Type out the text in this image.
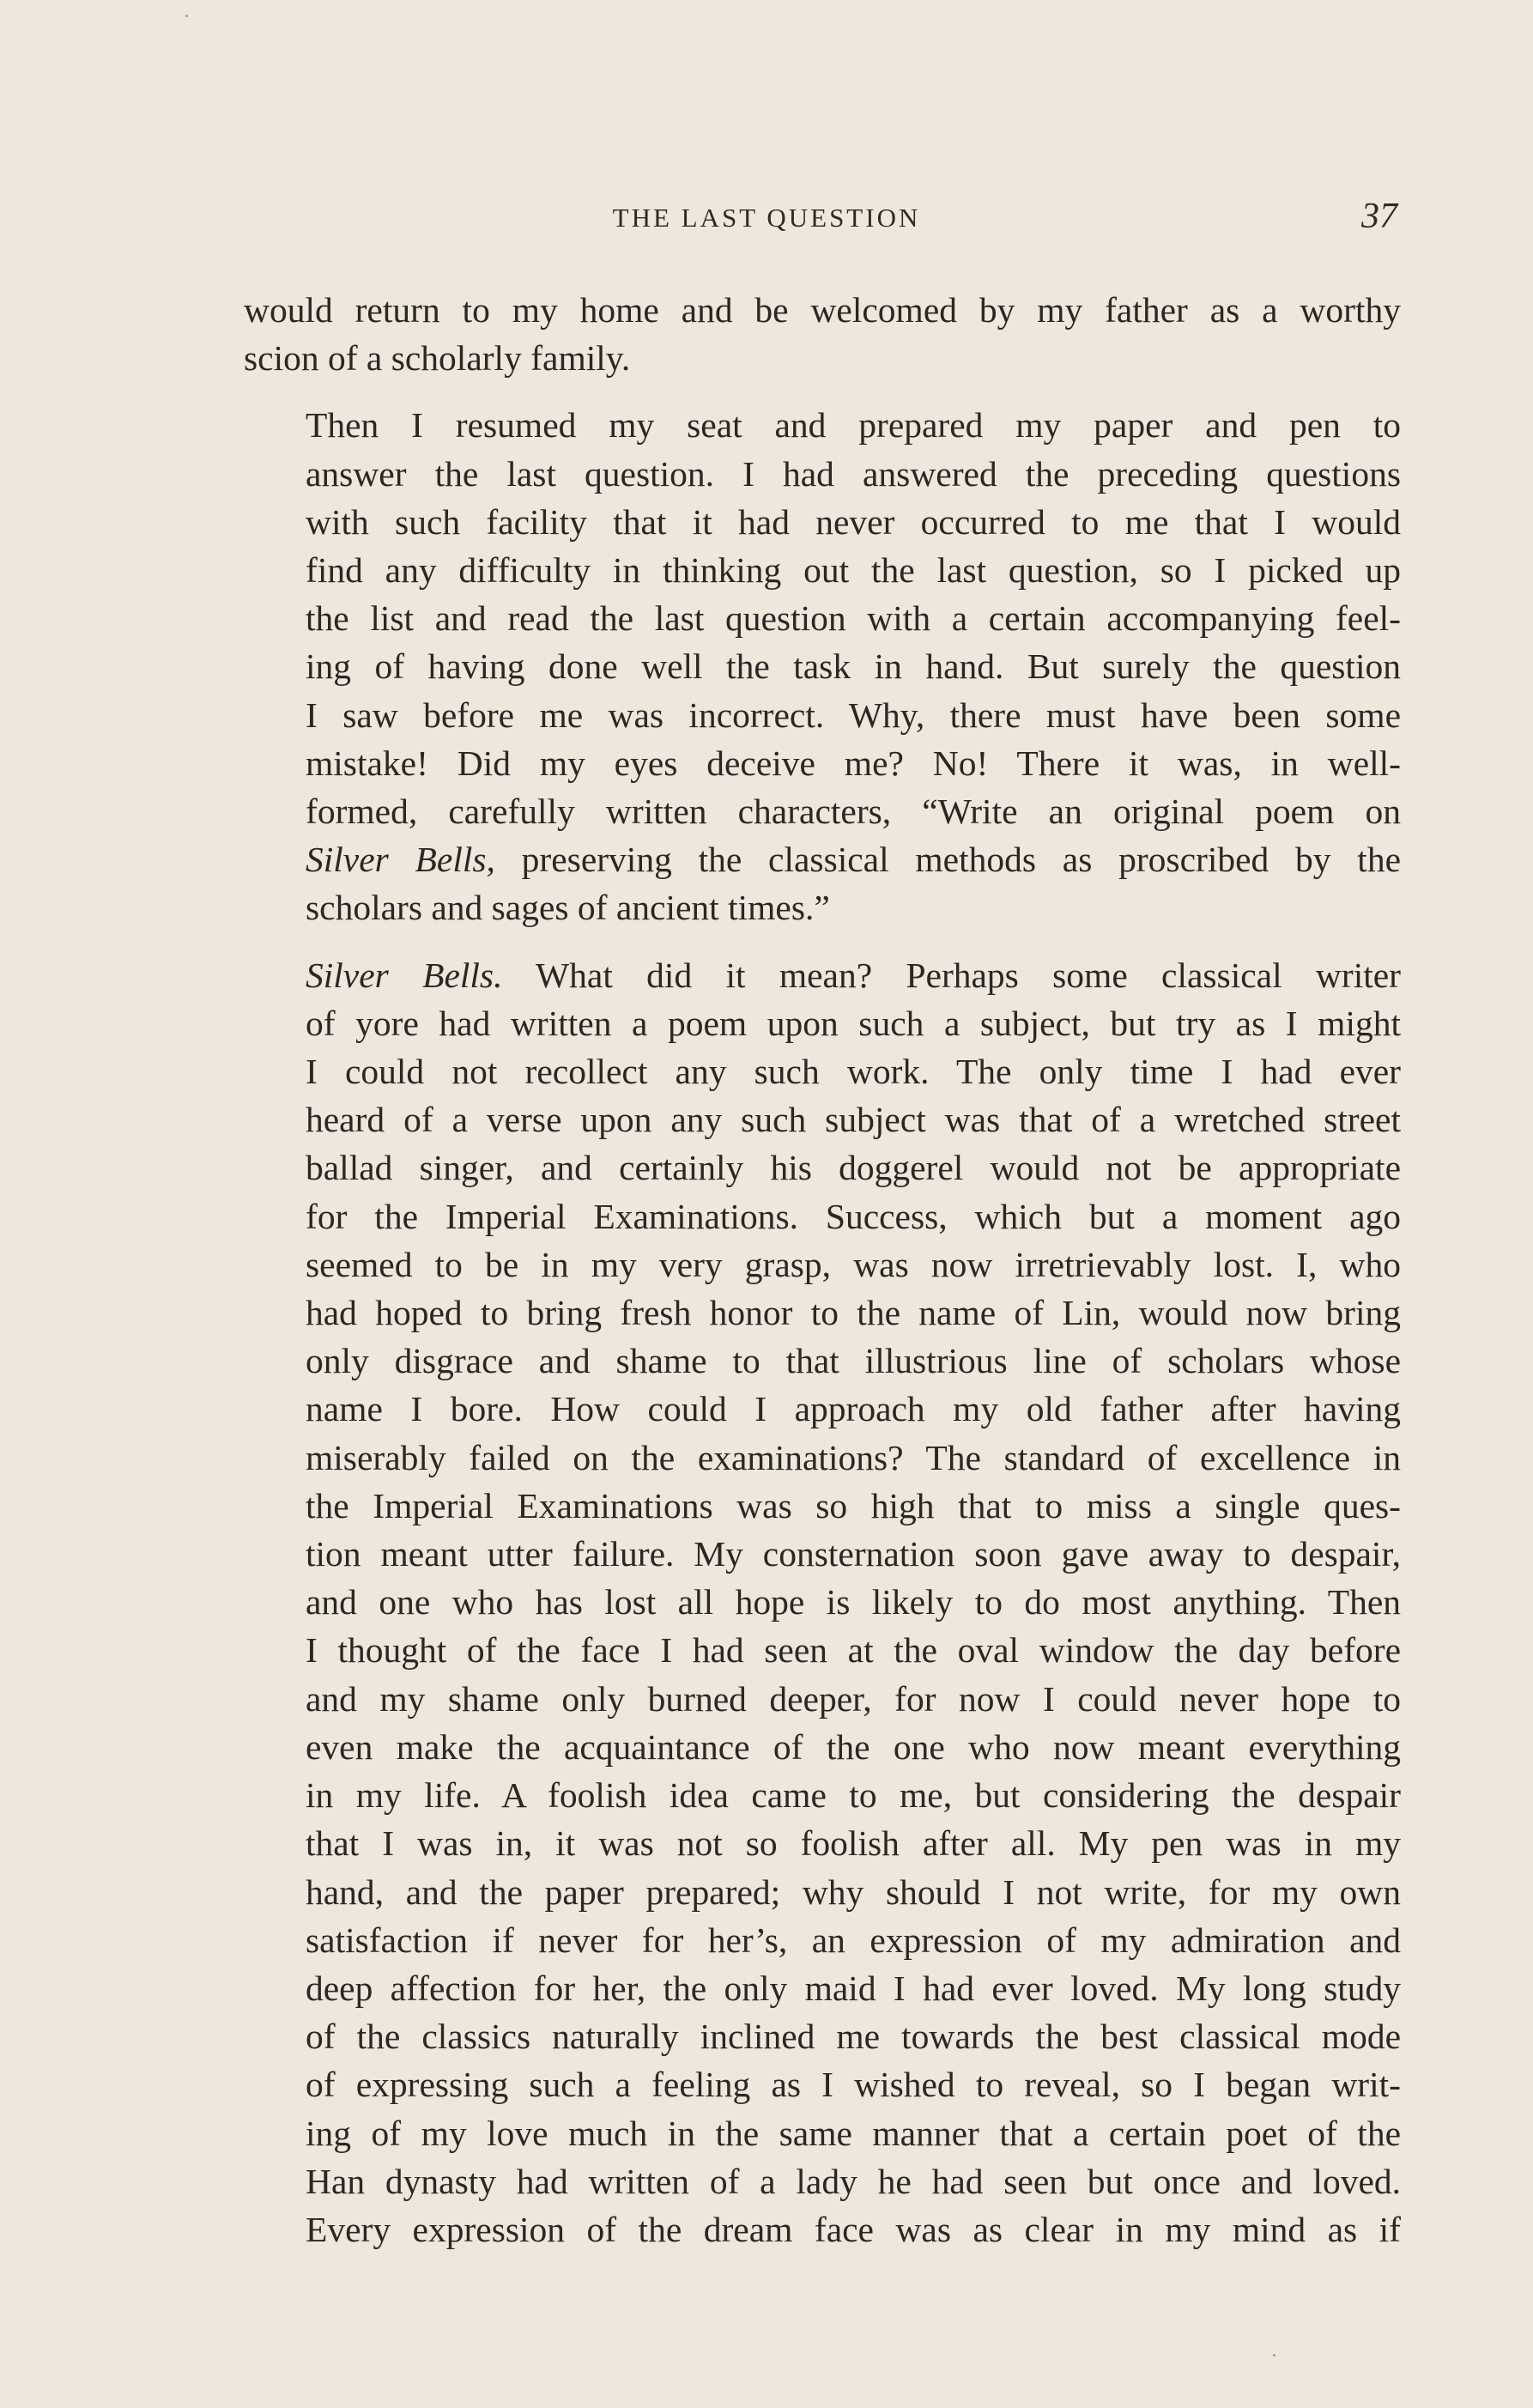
THE LAST QUESTION	37
would return to my home and be welcomed by my father as a worthy
scion of a scholarly family.
Then I resumed my seat and prepared my paper and pen to
answer the last question. I had answered the preceding questions
with such facility that it had never occurred to me that I would
find any difficulty in thinking out the last question, so I picked up
the list and read the last question with a certain accompanying feel-
ing of having done well the task in hand. But surely the question
I saw before me was incorrect. Why, there must have been some
mistake! Did my eyes deceive me? No! There it was, in well-
formed, carefully written characters, “Write an original poem on
Silver Bells, preserving the classical methods as proscribed by the
scholars and sages of ancient times.”
Silver Bells. What did it mean? Perhaps some classical writer
of yore had written a poem upon such a subject, but try as I might
I could not recollect any such work. The only time I had ever
heard of a verse upon any such subject was that of a wretched street
ballad singer, and certainly his doggerel would not be appropriate
for the Imperial Examinations. Success, which but a moment ago
seemed to be in my very grasp, was now irretrievably lost. I, who
had hoped to bring fresh honor to the name of Lin, would now bring
only disgrace and shame to that illustrious line of scholars whose
name I bore. How could I approach my old father after having
miserably failed on the examinations? The standard of excellence in
the Imperial Examinations was so high that to miss a single ques-
tion meant utter failure. My consternation soon gave away to despair,
and one who has lost all hope is likely to do most anything. Then
I thought of the face I had seen at the oval window the day before
and my shame only burned deeper, for now I could never hope to
even make the acquaintance of the one who now meant everything
in my life. A foolish idea came to me, but considering the despair
that I was in, it was not so foolish after all. My pen was in my
hand, and the paper prepared; why should I not write, for my own
satisfaction if never for her’s, an expression of my admiration and
deep affection for her, the only maid I had ever loved. My long study
of the classics naturally inclined me towards the best classical mode
of expressing such a feeling as I wished to reveal, so I began writ-
ing of my love much in the same manner that a certain poet of the
Han dynasty had written of a lady he had seen but once and loved.
Every expression of the dream face was as clear in my mind as if
